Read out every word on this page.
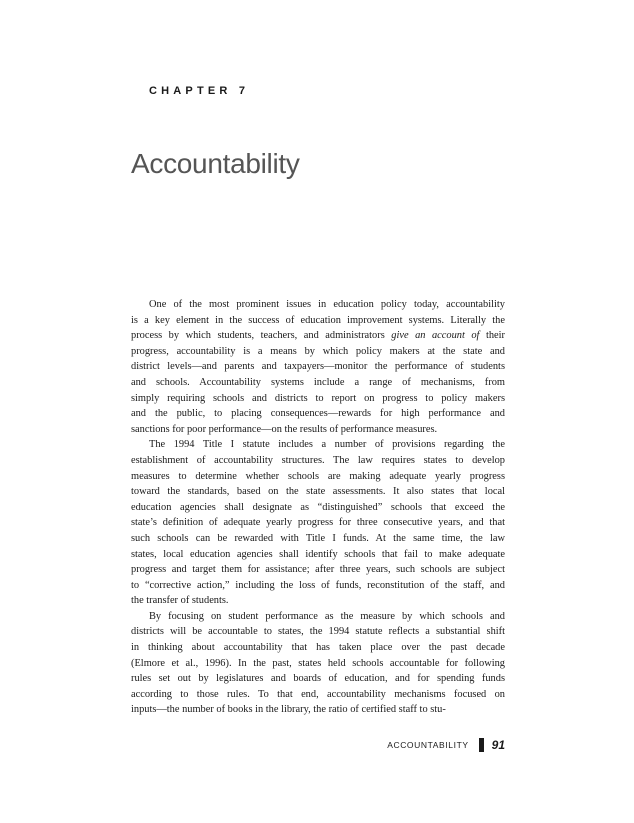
CHAPTER 7
Accountability
One of the most prominent issues in education policy today, accountability
is a key element in the success of education improvement systems. Literally the
process by which students, teachers, and administrators give an account of their
progress, accountability is a means by which policy makers at the state and
district levels—and parents and taxpayers—monitor the performance of students
and schools. Accountability systems include a range of mechanisms, from
simply requiring schools and districts to report on progress to policy makers
and the public, to placing consequences—rewards for high performance and
sanctions for poor performance—on the results of performance measures.
The 1994 Title I statute includes a number of provisions regarding the
establishment of accountability structures. The law requires states to develop
measures to determine whether schools are making adequate yearly progress
toward the standards, based on the state assessments. It also states that local
education agencies shall designate as “distinguished” schools that exceed the
state’s definition of adequate yearly progress for three consecutive years, and that
such schools can be rewarded with Title I funds. At the same time, the law
states, local education agencies shall identify schools that fail to make adequate
progress and target them for assistance; after three years, such schools are subject
to “corrective action,” including the loss of funds, reconstitution of the staff, and
the transfer of students.
By focusing on student performance as the measure by which schools and
districts will be accountable to states, the 1994 statute reflects a substantial shift
in thinking about accountability that has taken place over the past decade
(Elmore et al., 1996). In the past, states held schools accountable for following
rules set out by legislatures and boards of education, and for spending funds
according to those rules. To that end, accountability mechanisms focused on
inputs—the number of books in the library, the ratio of certified staff to stu-
ACCOUNTABILITY 91
